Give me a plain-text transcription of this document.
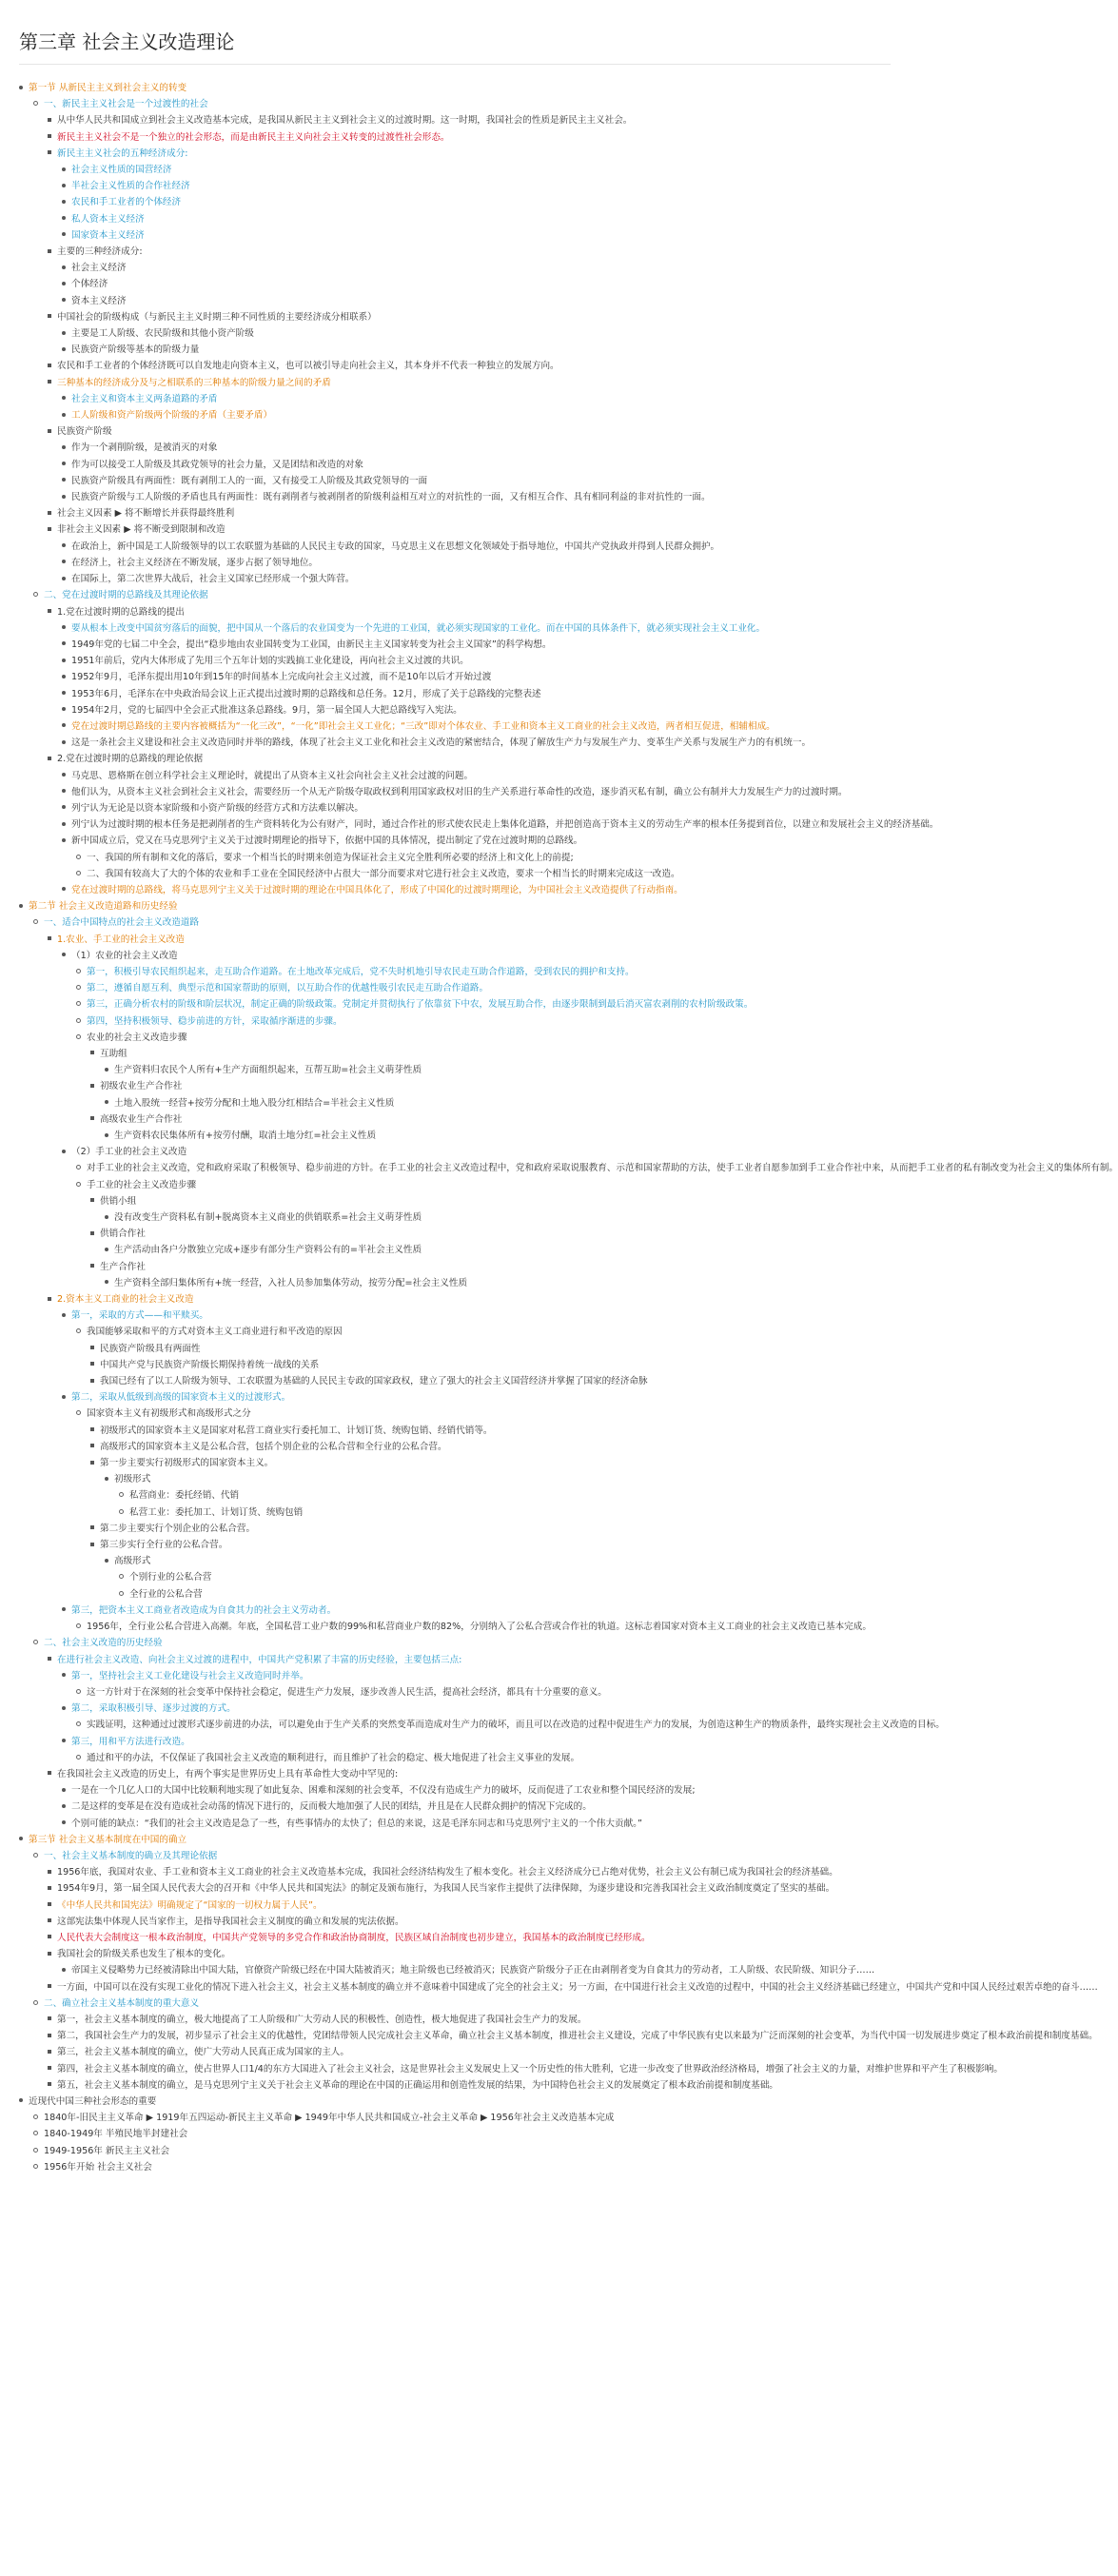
第三章 社会主义改造理论
第一节 从新民主主义到社会主义的转变
一、新民主主义社会是一个过渡性的社会
从中华人民共和国成立到社会主义改造基本完成，是我国从新民主主义到社会主义的过渡时期。这一时期，我国社会的性质是新民主主义社会。
新民主主义社会不是一个独立的社会形态，而是由新民主主义向社会主义转变的过渡性社会形态。
新民主主义社会的五种经济成分:
社会主义性质的国营经济
半社会主义性质的合作社经济
农民和手工业者的个体经济
私人资本主义经济
国家资本主义经济
主要的三种经济成分:
社会主义经济
个体经济
资本主义经济
中国社会的阶级构成（与新民主主义时期三种不同性质的主要经济成分相联系）
主要是工人阶级、农民阶级和其他小资产阶级
民族资产阶级等基本的阶级力量
农民和手工业者的个体经济既可以自发地走向资本主义，也可以被引导走向社会主义，其本身并不代表一种独立的发展方向。
三种基本的经济成分及与之相联系的三种基本的阶级力量之间的矛盾
社会主义和资本主义两条道路的矛盾
工人阶级和资产阶级两个阶级的矛盾（主要矛盾）
民族资产阶级
作为一个剥削阶级，是被消灭的对象
作为可以接受工人阶级及其政党领导的社会力量，又是团结和改造的对象
民族资产阶级具有两面性：既有剥削工人的一面，又有接受工人阶级及其政党领导的一面
民族资产阶级与工人阶级的矛盾也具有两面性：既有剥削者与被剥削者的阶级利益相互对立的对抗性的一面，又有相互合作、具有相同利益的非对抗性的一面。
社会主义因素 ▶ 将不断增长并获得最终胜利
非社会主义因素 ▶ 将不断受到限制和改造
在政治上，新中国是工人阶级领导的以工农联盟为基础的人民民主专政的国家，马克思主义在思想文化领域处于指导地位，中国共产党执政并得到人民群众拥护。
在经济上，社会主义经济在不断发展，逐步占据了领导地位。
在国际上，第二次世界大战后，社会主义国家已经形成一个强大阵营。
二、党在过渡时期的总路线及其理论依据
1.党在过渡时期的总路线的提出
要从根本上改变中国贫穷落后的面貌，把中国从一个落后的农业国变为一个先进的工业国，就必须实现国家的工业化。而在中国的具体条件下，就必须实现社会主义工业化。
1949年党的七届二中全会，提出“稳步地由农业国转变为工业国，由新民主主义国家转变为社会主义国家”的科学构想。
1951年前后，党内大体形成了先用三个五年计划的实践搞工业化建设，再向社会主义过渡的共识。
1952年9月，毛泽东提出用10年到15年的时间基本上完成向社会主义过渡，而不是10年以后才开始过渡
1953年6月，毛泽东在中央政治局会议上正式提出过渡时期的总路线和总任务。12月，形成了关于总路线的完整表述
1954年2月，党的七届四中全会正式批准这条总路线。9月，第一届全国人大把总路线写入宪法。
党在过渡时期总路线的主要内容被概括为“一化三改”，“一化”即社会主义工业化；“三改”即对个体农业、手工业和资本主义工商业的社会主义改造，两者相互促进，相辅相成。
这是一条社会主义建设和社会主义改造同时并举的路线，体现了社会主义工业化和社会主义改造的紧密结合，体现了解放生产力与发展生产力、变革生产关系与发展生产力的有机统一。
2.党在过渡时期的总路线的理论依据
马克思、恩格斯在创立科学社会主义理论时，就提出了从资本主义社会向社会主义社会过渡的问题。
他们认为，从资本主义社会到社会主义社会，需要经历一个从无产阶级夺取政权到利用国家政权对旧的生产关系进行革命性的改造，逐步消灭私有制，确立公有制并大力发展生产力的过渡时期。
列宁认为无论是以资本家阶级和小资产阶级的经营方式和方法难以解决。
列宁认为过渡时期的根本任务是把剥削者的生产资料转化为公有财产，同时，通过合作社的形式使农民走上集体化道路，并把创造高于资本主义的劳动生产率的根本任务提到首位，以建立和发展社会主义的经济基础。
新中国成立后，党又在马克思列宁主义关于过渡时期理论的指导下，依据中国的具体情况，提出制定了党在过渡时期的总路线。
一、我国的所有制和文化的落后，要求一个相当长的时期来创造为保证社会主义完全胜利所必要的经济上和文化上的前提;
二、我国有较高大了大的个体的农业和手工业在全国民经济中占很大一部分而要求对它进行社会主义改造，要求一个相当长的时期来完成这一改造。
党在过渡时期的总路线，将马克思列宁主义关于过渡时期的理论在中国具体化了，形成了中国化的过渡时期理论，为中国社会主义改造提供了行动指南。
第二节 社会主义改造道路和历史经验
一、适合中国特点的社会主义改造道路
1.农业、手工业的社会主义改造
（1）农业的社会主义改造
第一，积极引导农民组织起来，走互助合作道路。在土地改革完成后，党不失时机地引导农民走互助合作道路，受到农民的拥护和支持。
第二，遵循自愿互利、典型示范和国家帮助的原则，以互助合作的优越性吸引农民走互助合作道路。
第三，正确分析农村的阶级和阶层状况，制定正确的阶级政策。党制定并贯彻执行了依靠贫下中农，发展互助合作，由逐步限制到最后消灭富农剥削的农村阶级政策。
第四，坚持积极领导、稳步前进的方针，采取循序渐进的步骤。
农业的社会主义改造步骤
互助组
生产资料归农民个人所有+生产方面组织起来，互帮互助=社会主义萌芽性质
初级农业生产合作社
土地入股统一经营+按劳分配和土地入股分红相结合=半社会主义性质
高级农业生产合作社
生产资料农民集体所有+按劳付酬，取消土地分红=社会主义性质
（2）手工业的社会主义改造
对手工业的社会主义改造，党和政府采取了积极领导、稳步前进的方针。在手工业的社会主义改造过程中，党和政府采取说服教育、示范和国家帮助的方法，使手工业者自愿参加到手工业合作社中来，从而把手工业者的私有制改变为社会主义的集体所有制。
手工业的社会主义改造步骤
供销小组
没有改变生产资料私有制+脱离资本主义商业的供销联系=社会主义萌芽性质
供销合作社
生产活动由各户分散独立完成+逐步有部分生产资料公有的=半社会主义性质
生产合作社
生产资料全部归集体所有+统一经营，入社人员参加集体劳动，按劳分配=社会主义性质
2.资本主义工商业的社会主义改造
第一，采取的方式——和平赎买。
我国能够采取和平的方式对资本主义工商业进行和平改造的原因
民族资产阶级具有两面性
中国共产党与民族资产阶级长期保持着统一战线的关系
我国已经有了以工人阶级为领导、工农联盟为基础的人民民主专政的国家政权，建立了强大的社会主义国营经济并掌握了国家的经济命脉
第二，采取从低级到高级的国家资本主义的过渡形式。
国家资本主义有初级形式和高级形式之分
初级形式的国家资本主义是国家对私营工商业实行委托加工、计划订货、统购包销、经销代销等。
高级形式的国家资本主义是公私合营，包括个别企业的公私合营和全行业的公私合营。
第一步主要实行初级形式的国家资本主义。
初级形式
私营商业：委托经销、代销
私营工业：委托加工、计划订货、统购包销
第二步主要实行个别企业的公私合营。
第三步实行全行业的公私合营。
高级形式
个别行业的公私合营
全行业的公私合营
第三，把资本主义工商业者改造成为自食其力的社会主义劳动者。
1956年，全行业公私合营进入高潮。年底，全国私营工业户数的99%和私营商业户数的82%，分别纳入了公私合营或合作社的轨道。这标志着国家对资本主义工商业的社会主义改造已基本完成。
二、社会主义改造的历史经验
在进行社会主义改造、向社会主义过渡的进程中，中国共产党积累了丰富的历史经验，主要包括三点:
第一，坚持社会主义工业化建设与社会主义改造同时并举。
这一方针对于在深刻的社会变革中保持社会稳定，促进生产力发展，逐步改善人民生活，提高社会经济，都具有十分重要的意义。
第二，采取积极引导、逐步过渡的方式。
实践证明，这种通过过渡形式逐步前进的办法，可以避免由于生产关系的突然变革而造成对生产力的破坏，而且可以在改造的过程中促进生产力的发展，为创造这种生产的物质条件，最终实现社会主义改造的目标。
第三，用和平方法进行改造。
通过和平的办法，不仅保证了我国社会主义改造的顺利进行，而且维护了社会的稳定、极大地促进了社会主义事业的发展。
在我国社会主义改造的历史上，有两个事实是世界历史上具有革命性大变动中罕见的:
一是在一个几亿人口的大国中比较顺利地实现了如此复杂、困难和深刻的社会变革，不仅没有造成生产力的破坏，反而促进了工农业和整个国民经济的发展;
二是这样的变革是在没有造成社会动荡的情况下进行的，反而极大地加强了人民的团结，并且是在人民群众拥护的情况下完成的。
个别可能的缺点：“我们的社会主义改造是急了一些，有些事情办的太快了；但总的来说，这是毛泽东同志和马克思列宁主义的一个伟大贡献。”
第三节 社会主义基本制度在中国的确立
一、社会主义基本制度的确立及其理论依据
1956年底，我国对农业、手工业和资本主义工商业的社会主义改造基本完成，我国社会经济结构发生了根本变化。社会主义经济成分已占绝对优势，社会主义公有制已成为我国社会的经济基础。
1954年9月，第一届全国人民代表大会的召开和《中华人民共和国宪法》的制定及颁布施行，为我国人民当家作主提供了法律保障，为逐步建设和完善我国社会主义政治制度奠定了坚实的基础。
《中华人民共和国宪法》明确规定了“国家的一切权力属于人民”。
这部宪法集中体现人民当家作主，是指导我国社会主义制度的确立和发展的宪法依据。
人民代表大会制度这一根本政治制度，中国共产党领导的多党合作和政治协商制度，民族区域自治制度也初步建立，我国基本的政治制度已经形成。
我国社会的阶级关系也发生了根本的变化。
帝国主义侵略势力已经被清除出中国大陆，官僚资产阶级已经在中国大陆被消灭；地主阶级也已经被消灭；民族资产阶级分子正在由剥削者变为自食其力的劳动者，工人阶级、农民阶级、知识分子……
一方面，中国可以在没有实现工业化的情况下进入社会主义，社会主义基本制度的确立并不意味着中国建成了完全的社会主义；另一方面，在中国进行社会主义改造的过程中，中国的社会主义经济基础已经建立，中国共产党和中国人民经过艰苦卓绝的奋斗……
二、确立社会主义基本制度的重大意义
第一，社会主义基本制度的确立，极大地提高了工人阶级和广大劳动人民的积极性、创造性，极大地促进了我国社会生产力的发展。
第二，我国社会生产力的发展，初步显示了社会主义的优越性，党团结带领人民完成社会主义革命，确立社会主义基本制度，推进社会主义建设，完成了中华民族有史以来最为广泛而深刻的社会变革，为当代中国一切发展进步奠定了根本政治前提和制度基础。
第三，社会主义基本制度的确立，使广大劳动人民真正成为国家的主人。
第四，社会主义基本制度的确立，使占世界人口1/4的东方大国进入了社会主义社会，这是世界社会主义发展史上又一个历史性的伟大胜利，它进一步改变了世界政治经济格局，增强了社会主义的力量，对维护世界和平产生了积极影响。
第五，社会主义基本制度的确立，是马克思列宁主义关于社会主义革命的理论在中国的正确运用和创造性发展的结果，为中国特色社会主义的发展奠定了根本政治前提和制度基础。
近现代中国三种社会形态的重要
1840年-旧民主主义革命 ▶ 1919年五四运动-新民主主义革命 ▶ 1949年中华人民共和国成立-社会主义革命 ▶ 1956年社会主义改造基本完成
1840-1949年 半殖民地半封建社会
1949-1956年 新民主主义社会
1956年开始 社会主义社会
